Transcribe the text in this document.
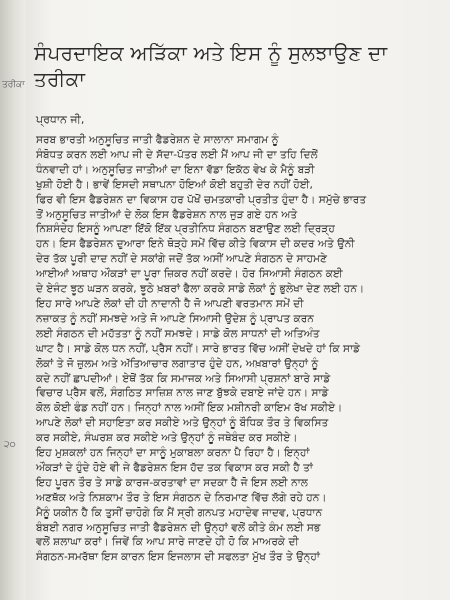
ਤਰੀਕਾ
੨੦
ਸੰਪਰਦਾਇਕ ਅੜਿੱਕਾ ਅਤੇ ਇਸ ਨੂੰ ਸੁਲਝਾਉਣ ਦਾ
ਤਰੀਕਾ
ਪ੍ਰਧਾਨ ਜੀ,
ਸਰਬ ਭਾਰਤੀ ਅਨੁਸੂਚਿਤ ਜਾਤੀ ਫੈਡਰੇਸ਼ਨ ਦੇ ਸਾਲਾਨਾ ਸਮਾਗਮ ਨੂੰ
ਸੰਬੋਧਤ ਕਰਨ ਲਈ ਆਪ ਜੀ ਦੇ ਸੱਦਾ-ਪੱਤਰ ਲਈ ਮੈਂ ਆਪ ਜੀ ਦਾ ਤਹਿ ਦਿਲੋਂ
ਧੰਨਵਾਦੀ ਹਾਂ। ਅਨੁਸੂਚਿਤ ਜਾਤੀਆਂ ਦਾ ਇਨਾ ਵੱਡਾ ਇਕੱਠ ਵੇਖ ਕੇ ਮੈਨੂੰ ਬੜੀ
ਖੁਸ਼ੀ ਹੋਈ ਹੈ। ਭਾਵੇਂ ਇਸਦੀ ਸਥਾਪਨਾ ਹੋਇਆਂ ਕੋਈ ਬਹੁਤੀ ਦੇਰ ਨਹੀਂ ਹੋਈ,
ਫਿਰ ਵੀ ਇਸ ਫੈਡਰੇਸ਼ਨ ਦਾ ਵਿਕਾਸ ਹਰ ਪੱਖੋਂ ਚਮਤਕਾਰੀ ਪ੍ਰਤੀਤ ਹੁੰਦਾ ਹੈ। ਸਮੁੱਚੇ ਭਾਰਤ
ਤੋਂ ਅਨੁਸੂਚਿਤ ਜਾਤੀਆਂ ਦੇ ਲੋਕ ਇਸ ਫੈਡਰੇਸ਼ਨ ਨਾਲ ਜੁੜ ਗਏ ਹਨ ਅਤੇ
ਨਿਸ਼ਸੰਦੇਹ ਇਸਨੂੰ ਆਪਣਾ ਇੱਕੋ ਇੱਕ ਪ੍ਰਤੀਨਿਧ ਸੰਗਠਨ ਬਣਾਉਣ ਲਈ ਦ੍ਰਿੜ੍ਹ
ਹਨ। ਇਸ ਫੈਡਰੇਸ਼ਨ ਦੁਆਰਾ ਇਨੇ ਥੋੜ੍ਹੇ ਸਮੇਂ ਵਿੱਚ ਕੀਤੇ ਵਿਕਾਸ ਦੀ ਕਦਰ ਅਤੇ ਉਨੀ
ਦੇਰ ਤੱਕ ਪੂਰੀ ਦਾਦ ਨਹੀਂ ਦੇ ਸਕਾਂਗੇ ਜਦੋਂ ਤੱਕ ਅਸੀਂ ਆਪਣੇ ਸੰਗਠਨ ਦੇ ਸਾਹਮਣੇ
ਆਈਆਂ ਅਥਾਹ ਔਕੜਾਂ ਦਾ ਪੂਰਾ ਜ਼ਿਕਰ ਨਹੀਂ ਕਰਦੇ। ਹੋਰ ਸਿਆਸੀ ਸੰਗਠਨ ਕਈ
ਦੇ ਏਜੰਟ ਝੂਠ ਘੜਨ ਕਰਕੇ, ਝੂਠੇ ਖ਼ਬਰਾਂ ਫੈਲਾ ਕਰਕੇ ਸਾਡੇ ਲੋਕਾਂ ਨੂੰ ਭੁਲੇਖਾ ਦੇਣ ਲਈ ਹਨ।
ਇਹ ਸਾਰੇ ਆਪਣੇ ਲੋਕਾਂ ਦੀ ਹੀ ਨਾਦਾਨੀ ਹੈ ਜੋ ਆਪਣੀ ਵਰਤਮਾਨ ਸਮੇਂ ਦੀ
ਨਜ਼ਾਕਤ ਨੂੰ ਨਹੀਂ ਸਮਝਦੇ ਅਤੇ ਜੋ ਆਪਣੇ ਸਿਆਸੀ ਉਦੇਸ਼ ਨੂੰ ਪ੍ਰਾਪਤ ਕਰਨ
ਲਈ ਸੰਗਠਨ ਦੀ ਮਹੱਤਤਾ ਨੂੰ ਨਹੀਂ ਸਮਝਦੇ। ਸਾਡੇ ਕੋਲ ਸਾਧਨਾਂ ਦੀ ਅਤਿਅੰਤ
ਘਾਟ ਹੈ। ਸਾਡੇ ਕੋਲ ਧਨ ਨਹੀਂ, ਪ੍ਰੈਸ ਨਹੀਂ। ਸਾਰੇ ਭਾਰਤ ਵਿੱਚ ਅਸੀਂ ਦੇਖਦੇ ਹਾਂ ਕਿ ਸਾਡੇ
ਲੋਕਾਂ ਤੇ ਜੋ ਜ਼ੁਲਮ ਅਤੇ ਅੱਤਿਆਚਾਰ ਲਗਾਤਾਰ ਹੁੰਦੇ ਹਨ, ਅਖ਼ਬਾਰਾਂ ਉਨ੍ਹਾਂ ਨੂੰ
ਕਦੇ ਨਹੀਂ ਛਾਪਦੀਆਂ। ਏਥੋਂ ਤੱਕ ਕਿ ਸਮਾਜਕ ਅਤੇ ਸਿਆਸੀ ਪ੍ਰਸ਼ਨਾਂ ਬਾਰੇ ਸਾਡੇ
ਵਿਚਾਰ ਪ੍ਰੈਸ ਵਲੋਂ, ਸੰਗਠਿਤ ਸਾਜ਼ਿਸ਼ ਨਾਲ ਜਾਣ ਬੁੱਝਕੇ ਦਬਾਏ ਜਾਂਦੇ ਹਨ। ਸਾਡੇ
ਕੋਲ ਕੋਈ ਫੰਡ ਨਹੀਂ ਹਨ। ਜਿਨ੍ਹਾਂ ਨਾਲ ਅਸੀਂ ਇਕ ਮਸ਼ੀਨਰੀ ਕਾਇਮ ਰੱਖ ਸਕੀਏ।
ਆਪਣੇ ਲੋਕਾਂ ਦੀ ਸਹਾਇਤਾ ਕਰ ਸਕੀਏ ਅਤੇ ਉਨ੍ਹਾਂ ਨੂੰ ਬੌਧਿਕ ਤੌਰ ਤੇ ਵਿਕਸਿਤ
ਕਰ ਸਕੀਏ, ਸੰਘਰਸ਼ ਕਰ ਸਕੀਏ ਅਤੇ ਉਨ੍ਹਾਂ ਨੂੰ ਜਥੇਬੰਦ ਕਰ ਸਕੀਏ।
ਇਹ ਮੁਸ਼ਕਲਾਂ ਹਨ ਜਿਨ੍ਹਾਂ ਦਾ ਸਾਨੂੰ ਮੁਕਾਬਲਾ ਕਰਨਾ ਪੈ ਰਿਹਾ ਹੈ। ਇਨ੍ਹਾਂ
ਔਕੜਾਂ ਦੇ ਹੁੰਦੇ ਹੋਏ ਵੀ ਜੇ ਫੈਡਰੇਸ਼ਨ ਇਸ ਹੱਦ ਤਕ ਵਿਕਾਸ ਕਰ ਸਕੀ ਹੈ ਤਾਂ
ਇਹ ਪੂਰਨ ਤੌਰ ਤੇ ਸਾਡੇ ਕਾਰਜ-ਕਰਤਾਵਾਂ ਦਾ ਸਦਕਾ ਹੈ ਜੋ ਇਸ ਲਈ ਨਾਲ
ਅਣਥੱਕ ਅਤੇ ਨਿਸ਼ਕਾਮ ਤੌਰ ਤੇ ਇਸ ਸੰਗਠਨ ਦੇ ਨਿਰਮਾਣ ਵਿੱਚ ਲੱਗੇ ਰਹੇ ਹਨ।
ਮੈਨੂੰ ਯਕੀਨ ਹੈ ਕਿ ਤੁਸੀਂ ਚਾਹੋਗੇ ਕਿ ਮੈਂ ਸ੍ਰੀ ਗਨਪਤ ਮਹਾਦੇਵ ਜਾਦਵ, ਪ੍ਰਧਾਨ
ਬੰਬਈ ਨਗਰ ਅਨੁਸੂਚਿਤ ਜਾਤੀ ਫੈਡਰੇਸ਼ਨ ਦੀ ਉਨ੍ਹਾਂ ਵਲੋਂ ਕੀਤੇ ਕੰਮ ਲਈ ਸਭ
ਵਲੋਂ ਸ਼ਲਾਘਾ ਕਰਾਂ। ਜਿਵੇਂ ਕਿ ਆਪ ਸਾਰੇ ਜਾਣਦੇ ਹੀ ਹੋ ਕਿ ਮਾਅਰਕੇ ਦੀ
ਸੰਗਠਨ-ਸਮਰੱਥਾ ਇਸ ਕਾਰਨ ਇਸ ਇਜਲਾਸ ਦੀ ਸਫਲਤਾ ਮੁੱਖ ਤੌਰ ਤੇ ਉਨ੍ਹਾਂ
